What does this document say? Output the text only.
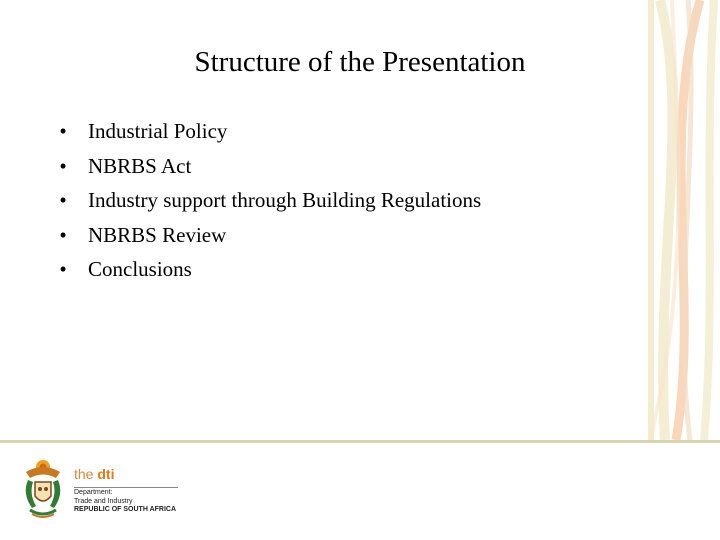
Structure of the Presentation
• Industrial Policy
• NBRBS Act
• Industry support through Building Regulations
• NBRBS Review
• Conclusions
the dti
Department:
Trade and Industry
REPUBLIC OF SOUTH AFRICA
